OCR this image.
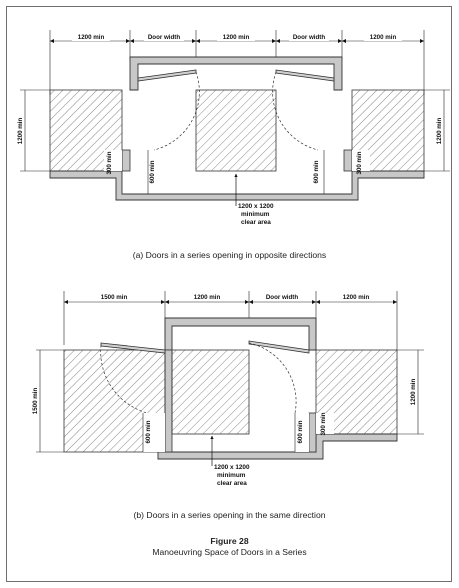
1200 min	Door width	1200 min	Door width	1200 min
1200 min	1200 min
300 min	300 min
600 min	600 min
1200 x 1200
minimum
clear area
1500 min	1200 min	Door width	1200 min
1500 min	1200 min
600 min	600 min	300 min
1200 x 1200
minimum
clear area
(a) Doors in a series opening in opposite directions
(b) Doors in a series opening in the same direction
Figure 28
Manoeuvring Space of Doors in a Series
